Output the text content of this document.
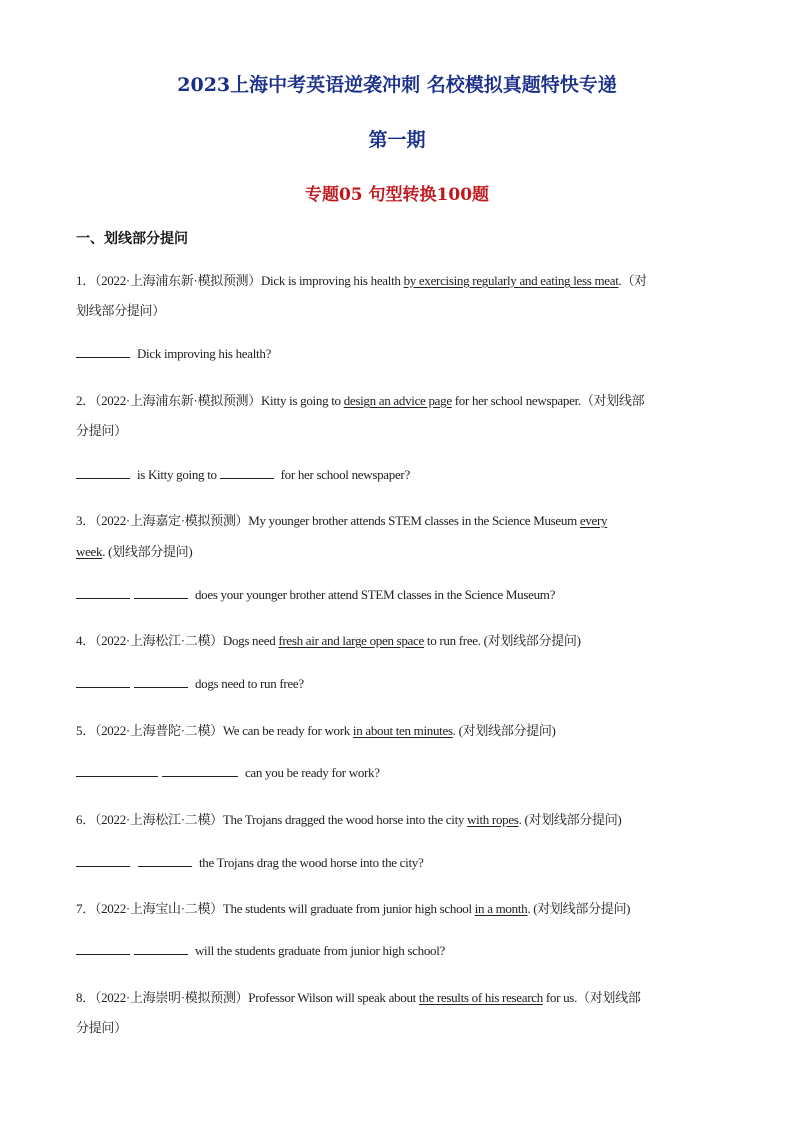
2023上海中考英语逆袭冲刺 名校模拟真题特快专递
第一期
专题05 句型转换100题
一、划线部分提问
1．（2022·上海浦东新·模拟预测）Dick is improving his health by exercising regularly and eating less meat.（对
划线部分提问）
Dick improving his health?
2．（2022·上海浦东新·模拟预测）Kitty is going to design an advice page for her school newspaper.（对划线部
分提问）
is Kitty going to	for her school newspaper?
3．（2022·上海嘉定·模拟预测）My younger brother attends STEM classes in the Science Museum every
week. (划线部分提问)
does your younger brother attend STEM classes in the Science Museum?
4．（2022·上海松江·二模）Dogs need fresh air and large open space to run free. (对划线部分提问)
dogs need to run free?
5．（2022·上海普陀·二模）We can be ready for work in about ten minutes. (对划线部分提问)
can you be ready for work?
6．（2022·上海松江·二模）The Trojans dragged the wood horse into the city with ropes. (对划线部分提问)
the Trojans drag the wood horse into the city?
7．（2022·上海宝山·二模）The students will graduate from junior high school in a month. (对划线部分提问)
will the students graduate from junior high school?
8．（2022·上海崇明·模拟预测）Professor Wilson will speak about the results of his research for us.（对划线部
分提问）
